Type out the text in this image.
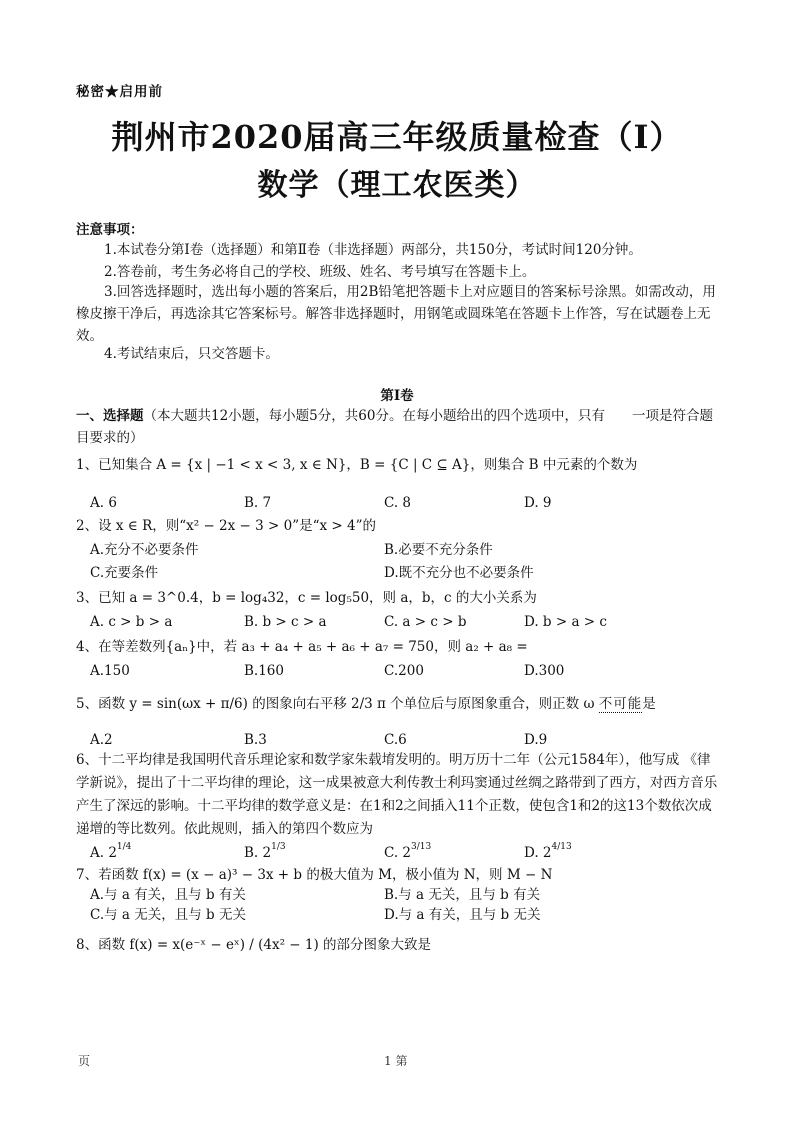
秘密★启用前
荆州市2020届高三年级质量检查（Ⅰ）
数学（理工农医类）
注意事项：
1.本试卷分第Ⅰ卷（选择题）和第Ⅱ卷（非选择题）两部分，共150分，考试时间120分钟。
2.答卷前，考生务必将自己的学校、班级、姓名、考号填写在答题卡上。
3.回答选择题时，选出每小题的答案后，用2B铅笔把答题卡上对应题目的答案标号涂黑。如需改动，用橡皮擦干净后，再选涂其它答案标号。解答非选择题时，用钢笔或圆珠笔在答题卡上作答，写在试题卷上无效。
4.考试结束后，只交答题卡。
第Ⅰ卷
一、选择题（本大题共12小题，每小题5分，共60分。在每小题给出的四个选项中，只有　　一项是符合题目要求的）
1、已知集合 A = {x | −1 < x < 3, x ∈ N}，B = {C | C ⊆ A}，则集合 B 中元素的个数为
A. 6	B. 7	C. 8	D. 9
2、设 x ∈ R，则“x² − 2x − 3 > 0”是“x > 4”的
A.充分不必要条件	B.必要不充分条件
C.充要条件	D.既不充分也不必要条件
3、已知 a = 3^0.4，b = log₄32，c = log₅50，则 a，b，c 的大小关系为
A. c > b > a	B. b > c > a	C. a > c > b	D. b > a > c
4、在等差数列{aₙ}中，若 a₃ + a₄ + a₅ + a₆ + a₇ = 750，则 a₂ + a₈ =
A.150	B.160	C.200	D.300
5、函数 y = sin(ωx + π/6) 的图象向右平移 2/3 π 个单位后与原图象重合，则正数 ω 不可能是
A.2	B.3	C.6	D.9
6、十二平均律是我国明代音乐理论家和数学家朱载堉发明的。明万历十二年（公元1584年），他写成 《律学新说》，提出了十二平均律的理论，这一成果被意大利传教士利玛窦通过丝绸之路带到了西方，对西方音乐产生了深远的影响。十二平均律的数学意义是：在1和2之间插入11个正数，使包含1和2的这13个数依次成递增的等比数列。依此规则，插入的第四个数应为
A. $2^{1/4}$	B. $2^{1/3}$	C. $2^{3/13}$	D. $2^{4/13}$
7、若函数 f(x) = (x − a)³ − 3x + b 的极大值为 M，极小值为 N，则 M − N
A.与 a 有关，且与 b 有关	B.与 a 无关，且与 b 有关
C.与 a 无关，且与 b 无关	D.与 a 有关，且与 b 无关
8、函数 f(x) = x(e⁻ˣ − eˣ) / (4x² − 1) 的部分图象大致是
页	1 第
